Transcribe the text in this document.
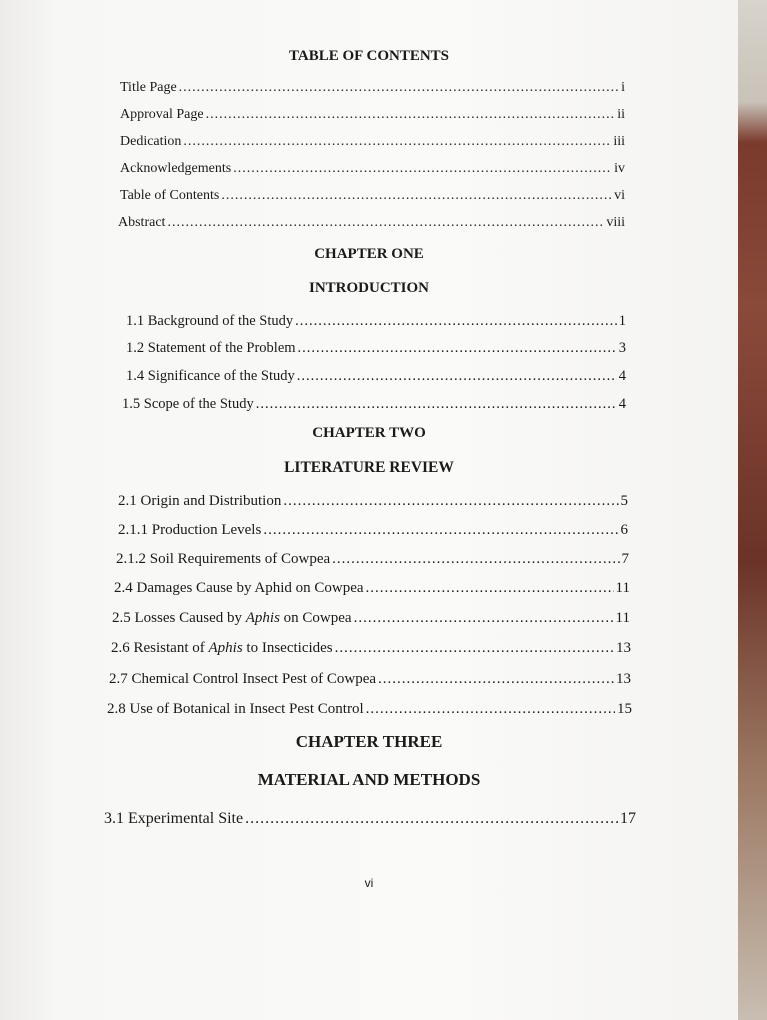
TABLE OF CONTENTS
Title Page .....	i
Approval Page .....	ii
Dedication .....	iii
Acknowledgements .....	iv
Table of Contents .....	vi
Abstract .....	viii
CHAPTER ONE
INTRODUCTION
1.1 Background of the Study .....	1
1.2 Statement of the Problem .....	3
1.4 Significance of the Study .....	4
1.5 Scope of the Study .....	4
CHAPTER TWO
LITERATURE REVIEW
2.1 Origin and Distribution .....	5
2.1.1 Production Levels .....	6
2.1.2 Soil Requirements of Cowpea .....	7
2.4 Damages Cause by Aphid on Cowpea .....	11
2.5 Losses Caused by Aphis on Cowpea .....	11
2.6 Resistant of Aphis to Insecticides .....	13
2.7 Chemical Control Insect Pest of Cowpea .....	13
2.8 Use of Botanical in Insect Pest Control .....	15
CHAPTER THREE
MATERIAL AND METHODS
3.1 Experimental Site .....	17
vi
